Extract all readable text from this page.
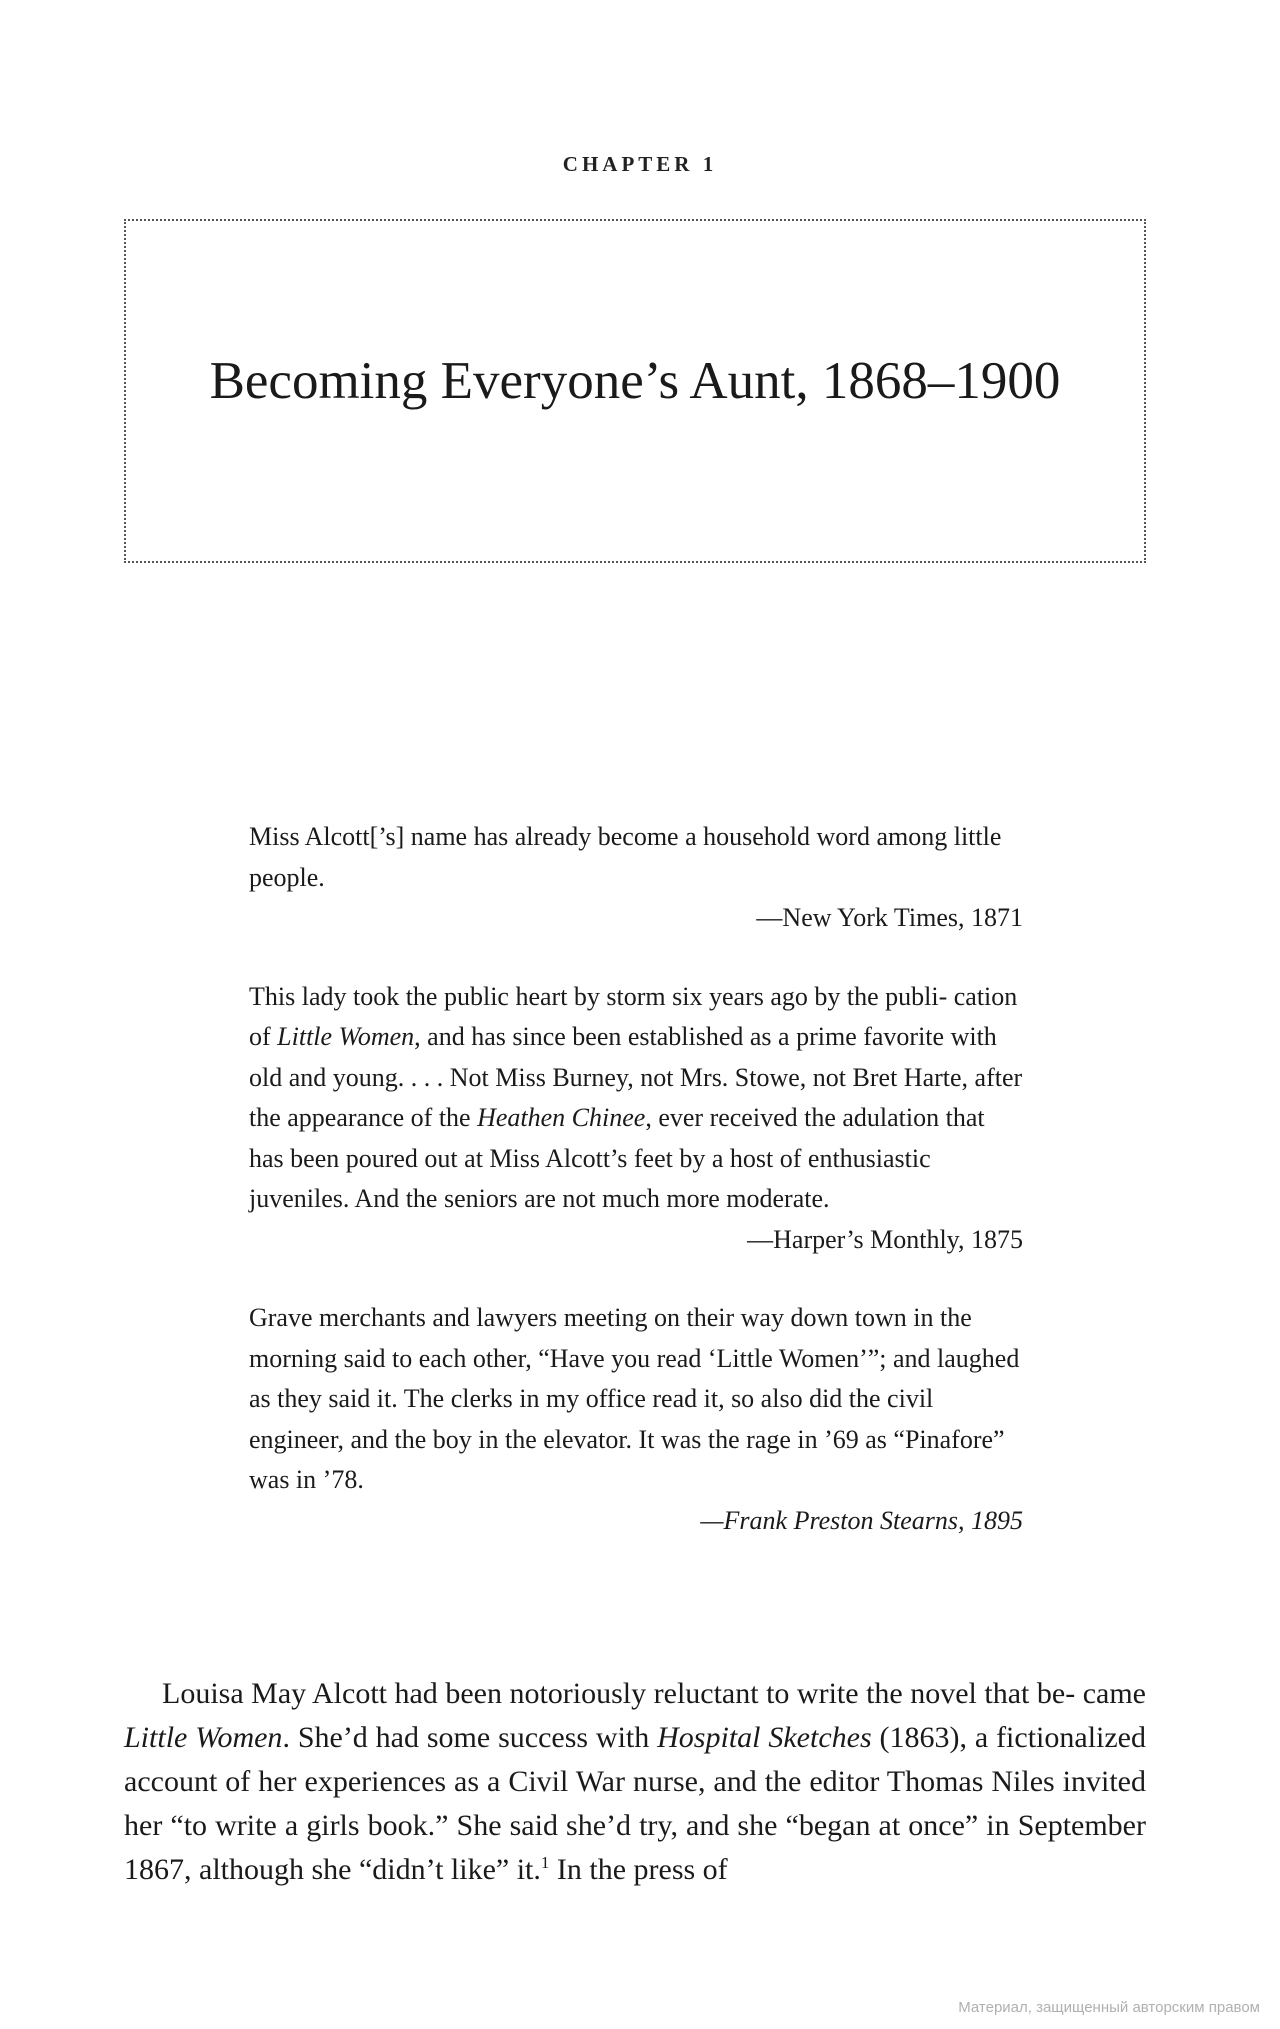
CHAPTER 1
Becoming Everyone’s Aunt, 1868–1900

Miss Alcott[’s] name has already become a household word among little people.

—New York Times, 1871

This lady took the public heart by storm six years ago by the publi- cation of Little Women, and has since been established as a prime favorite with old and young. . . . Not Miss Burney, not Mrs. Stowe, not Bret Harte, after the appearance of the Heathen Chinee, ever received the adulation that has been poured out at Miss Alcott’s feet by a host of enthusiastic juveniles. And the seniors are not much more moderate.

—Harper’s Monthly, 1875

Grave merchants and lawyers meeting on their way down town in the morning said to each other, “Have you read ‘Little Women’”; and laughed as they said it. The clerks in my office read it, so also did the civil engineer, and the boy in the elevator. It was the rage in ’69 as “Pinafore” was in ’78.

—Frank Preston Stearns, 1895

Louisa May Alcott had been notoriously reluctant to write the novel that be- came Little Women. She’d had some success with Hospital Sketches (1863), a fictionalized account of her experiences as a Civil War nurse, and the editor Thomas Niles invited her “to write a girls book.” She said she’d try, and she “began at once” in September 1867, although she “didn’t like” it.$^1$ In the press of

Материал, защищенный авторским правом
